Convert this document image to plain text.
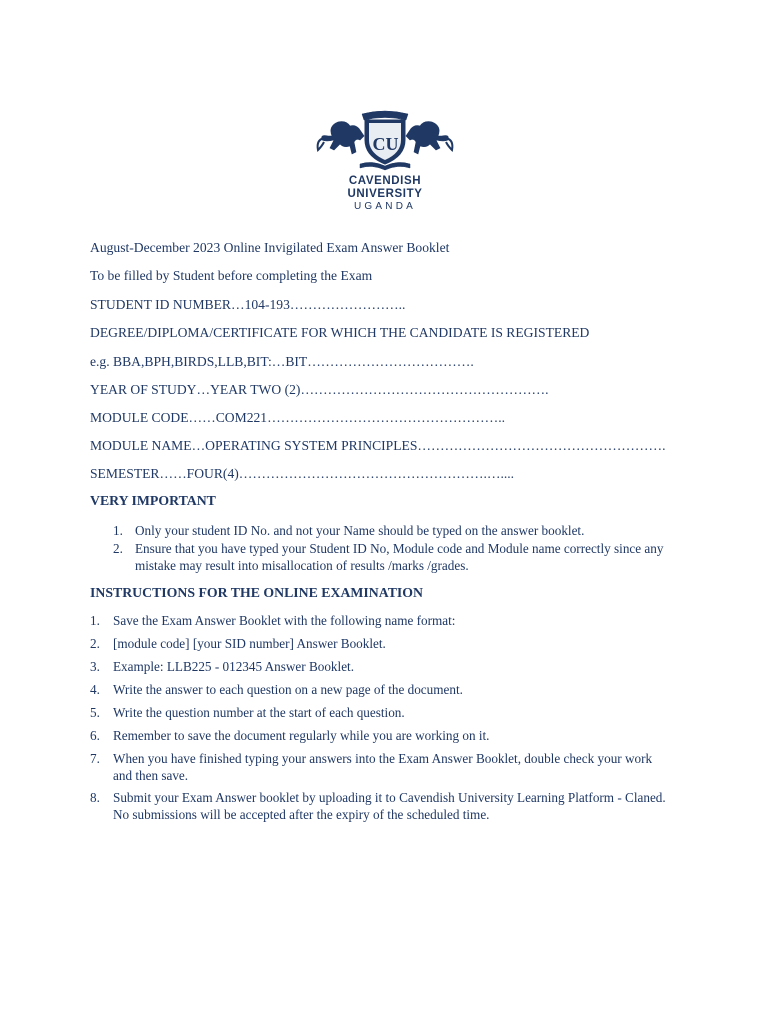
C U
CAVENDISH
UNIVERSITY
UGANDA
August-December 2023 Online Invigilated Exam Answer Booklet
To be filled by Student before completing the Exam
STUDENT ID NUMBER…104-193……………………..
DEGREE/DIPLOMA/CERTIFICATE FOR WHICH THE CANDIDATE IS REGISTERED
e.g. BBA,BPH,BIRDS,LLB,BIT:…BIT……………………………….
YEAR OF STUDY…YEAR TWO (2)……………………………………………….
MODULE CODE……COM221……………………………………………..
MODULE NAME…OPERATING SYSTEM PRINCIPLES……………………………………………….
SEMESTER……FOUR(4)……………………………………………….…....
VERY IMPORTANT
1. Only your student ID No. and not your Name should be typed on the answer booklet.
2. Ensure that you have typed your Student ID No, Module code and Module name correctly since any mistake may result into misallocation of results /marks /grades.
INSTRUCTIONS FOR THE ONLINE EXAMINATION
1. Save the Exam Answer Booklet with the following name format:
2. [module code] [your SID number] Answer Booklet.
3. Example: LLB225 - 012345 Answer Booklet.
4. Write the answer to each question on a new page of the document.
5. Write the question number at the start of each question.
6. Remember to save the document regularly while you are working on it.
7. When you have finished typing your answers into the Exam Answer Booklet, double check your work and then save.
8. Submit your Exam Answer booklet by uploading it to Cavendish University Learning Platform - Claned. No submissions will be accepted after the expiry of the scheduled time.
